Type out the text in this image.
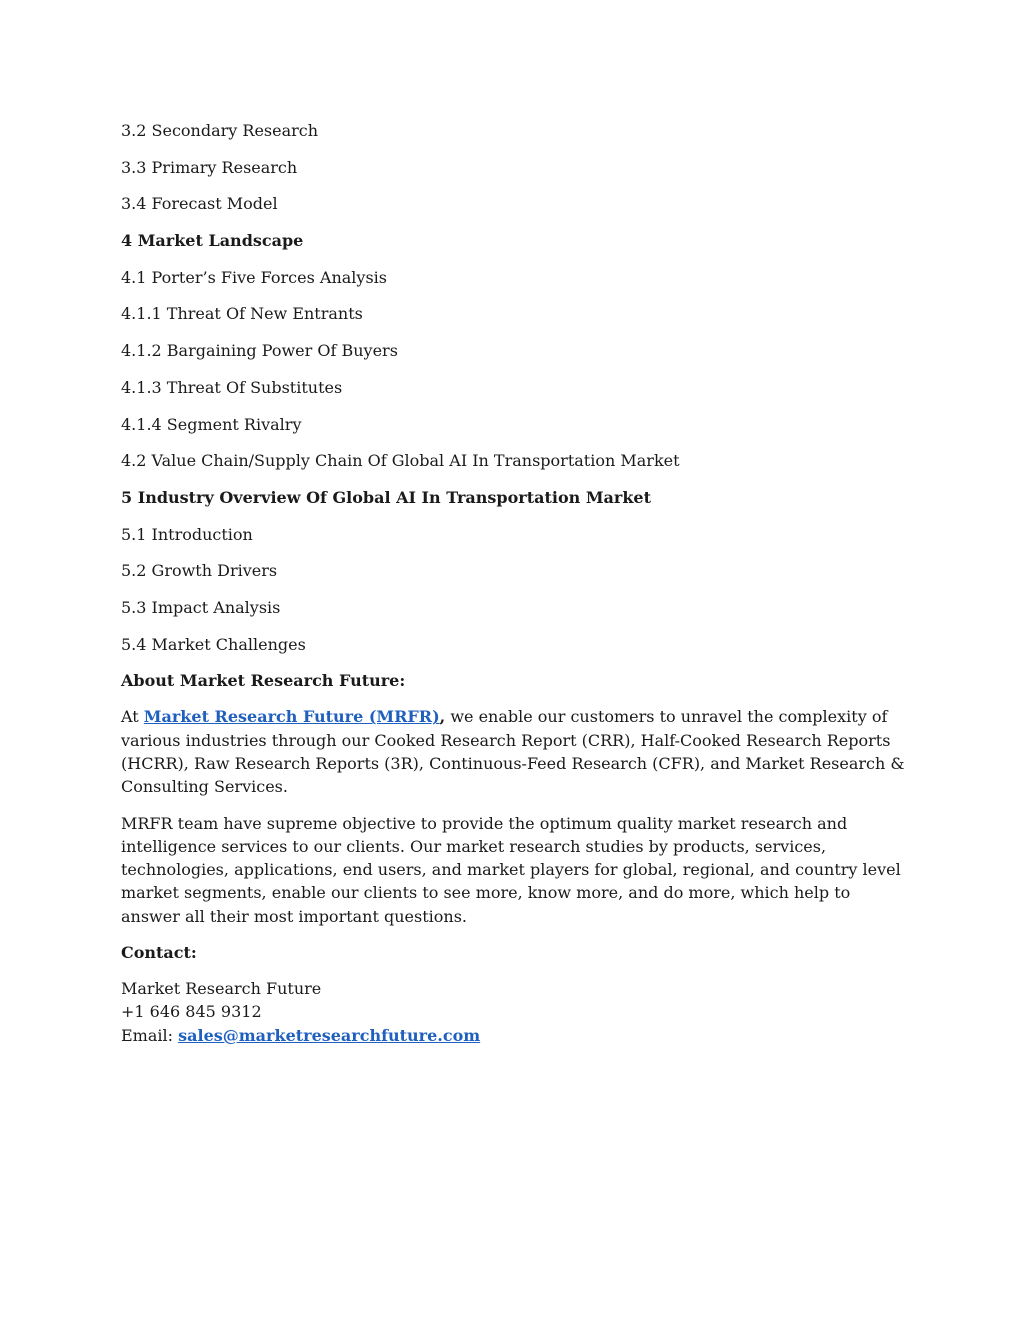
3.2 Secondary Research
3.3 Primary Research
3.4 Forecast Model
4 Market Landscape
4.1 Porter’s Five Forces Analysis
4.1.1 Threat Of New Entrants
4.1.2 Bargaining Power Of Buyers
4.1.3 Threat Of Substitutes
4.1.4 Segment Rivalry
4.2 Value Chain/Supply Chain Of Global AI In Transportation Market
5 Industry Overview Of Global AI In Transportation Market
5.1 Introduction
5.2 Growth Drivers
5.3 Impact Analysis
5.4 Market Challenges
About Market Research Future:

At Market Research Future (MRFR), we enable our customers to unravel the complexity of various industries through our Cooked Research Report (CRR), Half-Cooked Research Reports (HCRR), Raw Research Reports (3R), Continuous-Feed Research (CFR), and Market Research & Consulting Services.

MRFR team have supreme objective to provide the optimum quality market research and intelligence services to our clients. Our market research studies by products, services, technologies, applications, end users, and market players for global, regional, and country level market segments, enable our clients to see more, know more, and do more, which help to answer all their most important questions.

Contact:
Market Research Future
+1 646 845 9312
Email: sales@marketresearchfuture.com
